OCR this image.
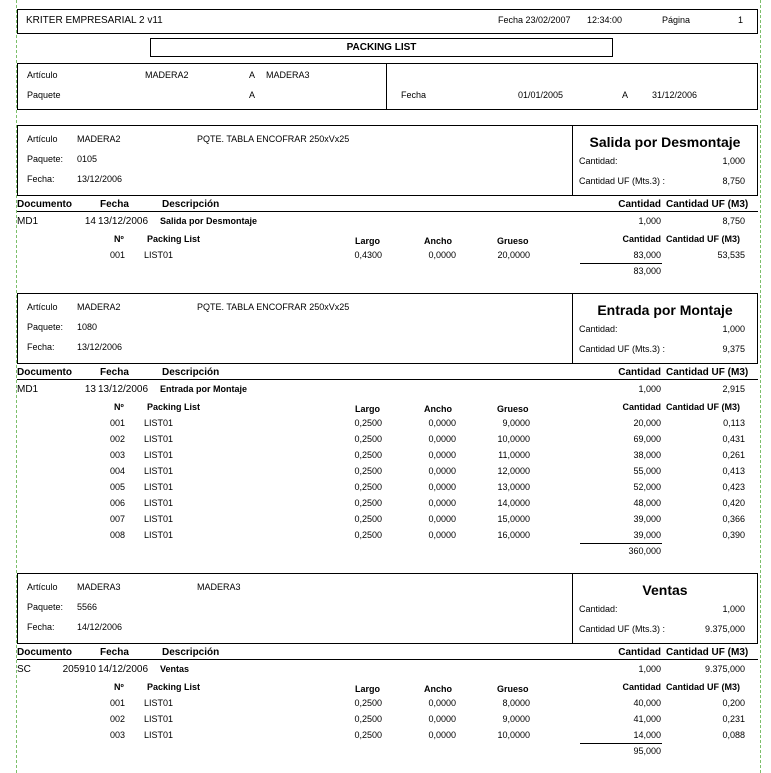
KRITER EMPRESARIAL 2 v11	Fecha 23/02/2007 12:34:00	Página	1
PACKING LIST
Artículo	MADERA2	A MADERA3
Paquete	A	Fecha	01/01/2005	A	31/12/2006
Artículo MADERA2	PQTE. TABLA ENCOFRAR 250xVx25
Paquete: 0105
Fecha: 13/12/2006
Salida por Desmontaje
Cantidad:	1,000
Cantidad UF (Mts.3) :	8,750
Documento	Fecha	Descripción	Cantidad Cantidad UF (M3)
MD1	14 13/12/2006 Salida por Desmontaje	1,000	8,750
Nº	Packing List	Largo	Ancho	Grueso	Cantidad Cantidad UF (M3)
001 LIST01	0,4300	0,0000	20,0000	83,000	53,535
83,000
Artículo MADERA2	PQTE. TABLA ENCOFRAR 250xVx25
Paquete: 1080
Fecha: 13/12/2006
Entrada por Montaje
Cantidad:	1,000
Cantidad UF (Mts.3) :	9,375
Documento	Fecha	Descripción	Cantidad Cantidad UF (M3)
MD1	13 13/12/2006 Entrada por Montaje	1,000	2,915
Nº	Packing List	Largo	Ancho	Grueso	Cantidad Cantidad UF (M3)
001 LIST01	0,2500	0,0000	9,0000	20,000	0,113
002 LIST01	0,2500	0,0000	10,0000	69,000	0,431
003 LIST01	0,2500	0,0000	11,0000	38,000	0,261
004 LIST01	0,2500	0,0000	12,0000	55,000	0,413
005 LIST01	0,2500	0,0000	13,0000	52,000	0,423
006 LIST01	0,2500	0,0000	14,0000	48,000	0,420
007 LIST01	0,2500	0,0000	15,0000	39,000	0,366
008 LIST01	0,2500	0,0000	16,0000	39,000	0,390
360,000
Artículo MADERA3	MADERA3
Paquete: 5566
Fecha: 14/12/2006
Ventas
Cantidad:	1,000
Cantidad UF (Mts.3) :	9.375,000
Documento	Fecha	Descripción	Cantidad Cantidad UF (M3)
SC	205910 14/12/2006 Ventas	1,000	9.375,000
Nº	Packing List	Largo	Ancho	Grueso	Cantidad Cantidad UF (M3)
001 LIST01	0,2500	0,0000	8,0000	40,000	0,200
002 LIST01	0,2500	0,0000	9,0000	41,000	0,231
003 LIST01	0,2500	0,0000	10,0000	14,000	0,088
95,000
